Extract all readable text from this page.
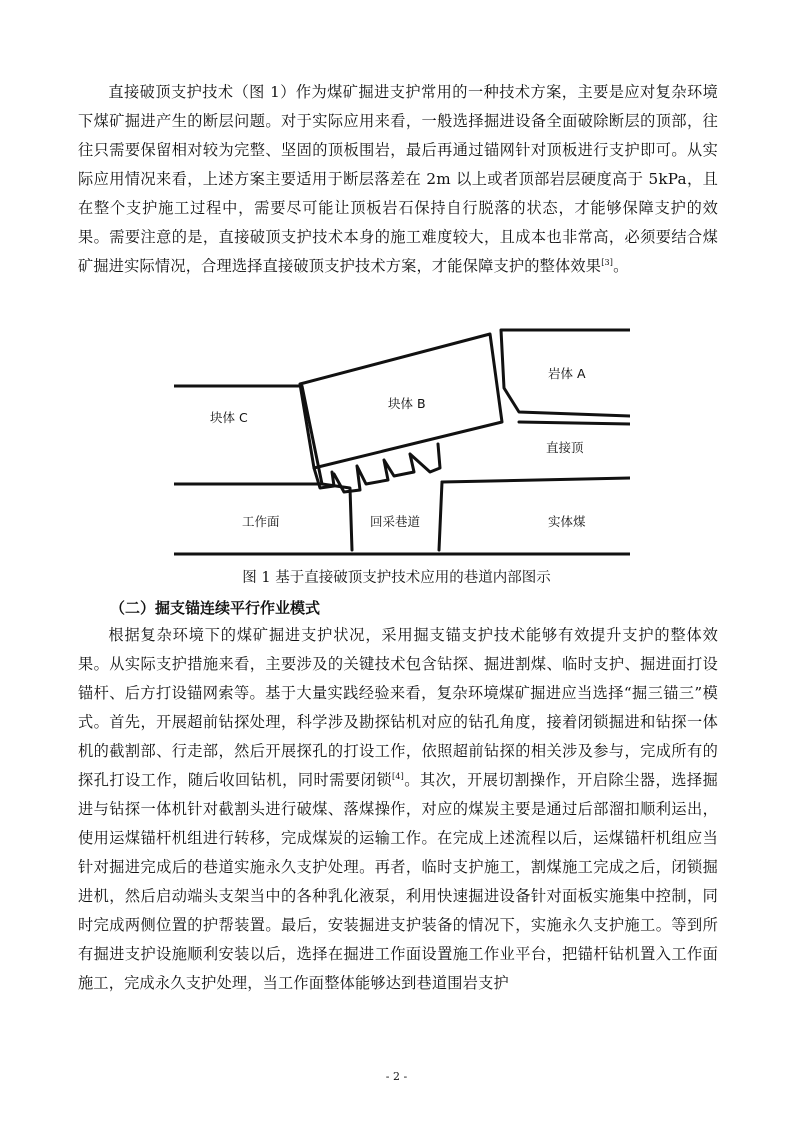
直接破顶支护技术（图 1）作为煤矿掘进支护常用的一种技术方案，主要是应对复杂环境下煤矿掘进产生的断层问题。对于实际应用来看，一般选择掘进设备全面破除断层的顶部，往往只需要保留相对较为完整、坚固的顶板围岩，最后再通过锚网针对顶板进行支护即可。从实际应用情况来看，上述方案主要适用于断层落差在 2m 以上或者顶部岩层硬度高于 5kPa，且在整个支护施工过程中，需要尽可能让顶板岩石保持自行脱落的状态，才能够保障支护的效果。需要注意的是，直接破顶支护技术本身的施工难度较大，且成本也非常高，必须要结合煤矿掘进实际情况，合理选择直接破顶支护技术方案，才能保障支护的整体效果[3]。

块体 C
块体 B
岩体 A
直接顶
工作面	回采巷道	实体煤

图 1 基于直接破顶支护技术应用的巷道内部图示

（二）掘支锚连续平行作业模式

根据复杂环境下的煤矿掘进支护状况，采用掘支锚支护技术能够有效提升支护的整体效果。从实际支护措施来看，主要涉及的关键技术包含钻探、掘进割煤、临时支护、掘进面打设锚杆、后方打设锚网索等。基于大量实践经验来看，复杂环境煤矿掘进应当选择“掘三锚三”模式。首先，开展超前钻探处理，科学涉及勘探钻机对应的钻孔角度，接着闭锁掘进和钻探一体机的截割部、行走部，然后开展探孔的打设工作，依照超前钻探的相关涉及参与，完成所有的探孔打设工作，随后收回钻机，同时需要闭锁[4]。其次，开展切割操作，开启除尘器，选择掘进与钻探一体机针对截割头进行破煤、落煤操作，对应的煤炭主要是通过后部溜扣顺利运出，使用运煤锚杆机组进行转移，完成煤炭的运输工作。在完成上述流程以后，运煤锚杆机组应当针对掘进完成后的巷道实施永久支护处理。再者，临时支护施工，割煤施工完成之后，闭锁掘进机，然后启动端头支架当中的各种乳化液泵，利用快速掘进设备针对面板实施集中控制，同时完成两侧位置的护帮装置。最后，安装掘进支护装备的情况下，实施永久支护施工。等到所有掘进支护设施顺利安装以后，选择在掘进工作面设置施工作业平台，把锚杆钻机置入工作面施工，完成永久支护处理，当工作面整体能够达到巷道围岩支护

- 2 -
